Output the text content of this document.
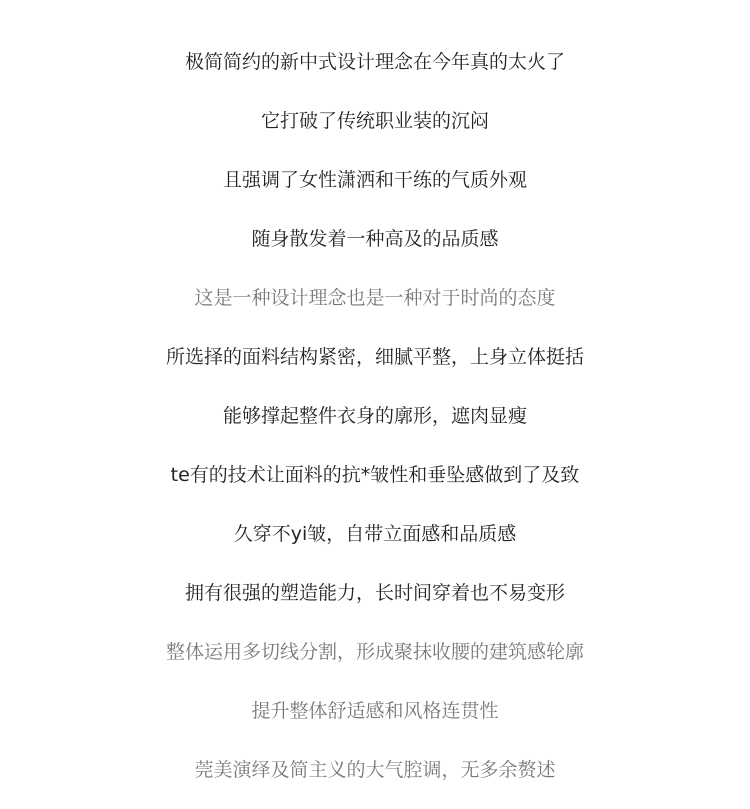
极简简约的新中式设计理念在今年真的太火了

它打破了传统职业装的沉闷

且强调了女性潇洒和干练的气质外观

随身散发着一种高及的品质感

这是一种设计理念也是一种对于时尚的态度

所选择的面料结构紧密，细腻平整，上身立体挺括

能够撑起整件衣身的廓形，遮肉显瘦

te有的技术让面料的抗*皱性和垂坠感做到了及致

久穿不yi皱，自带立面感和品质感

拥有很强的塑造能力，长时间穿着也不易变形

整体运用多切线分割，形成聚抹收腰的建筑感轮廓

提升整体舒适感和风格连贯性

莞美演绎及简主义的大气腔调，无多余赘述
